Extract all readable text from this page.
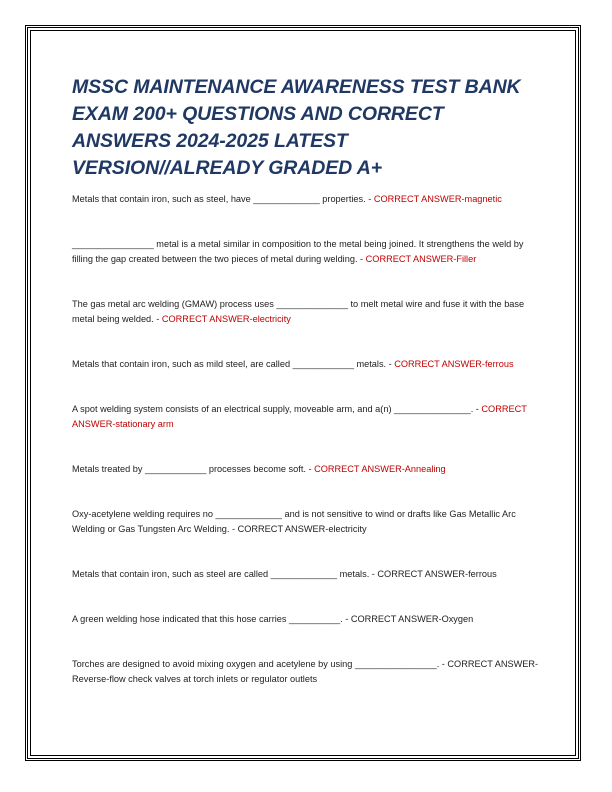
MSSC MAINTENANCE AWARENESS TEST BANK EXAM 200+ QUESTIONS AND CORRECT ANSWERS 2024-2025 LATEST VERSION//ALREADY GRADED A+

Metals that contain iron, such as steel, have _____________ properties. - CORRECT ANSWER-magnetic

________________ metal is a metal similar in composition to the metal being joined. It strengthens the weld by filling the gap created between the two pieces of metal during welding. - CORRECT ANSWER-Filler

The gas metal arc welding (GMAW) process uses ______________ to melt metal wire and fuse it with the base metal being welded. - CORRECT ANSWER-electricity

Metals that contain iron, such as mild steel, are called ____________ metals. - CORRECT ANSWER-ferrous

A spot welding system consists of an electrical supply, moveable arm, and a(n) _______________. - CORRECT ANSWER-stationary arm

Metals treated by ____________ processes become soft. - CORRECT ANSWER-Annealing

Oxy-acetylene welding requires no _____________ and is not sensitive to wind or drafts like Gas Metallic Arc Welding or Gas Tungsten Arc Welding. - CORRECT ANSWER-electricity

Metals that contain iron, such as steel are called _____________ metals. - CORRECT ANSWER-ferrous

A green welding hose indicated that this hose carries __________. - CORRECT ANSWER-Oxygen

Torches are designed to avoid mixing oxygen and acetylene by using ________________. - CORRECT ANSWER-Reverse-flow check valves at torch inlets or regulator outlets
